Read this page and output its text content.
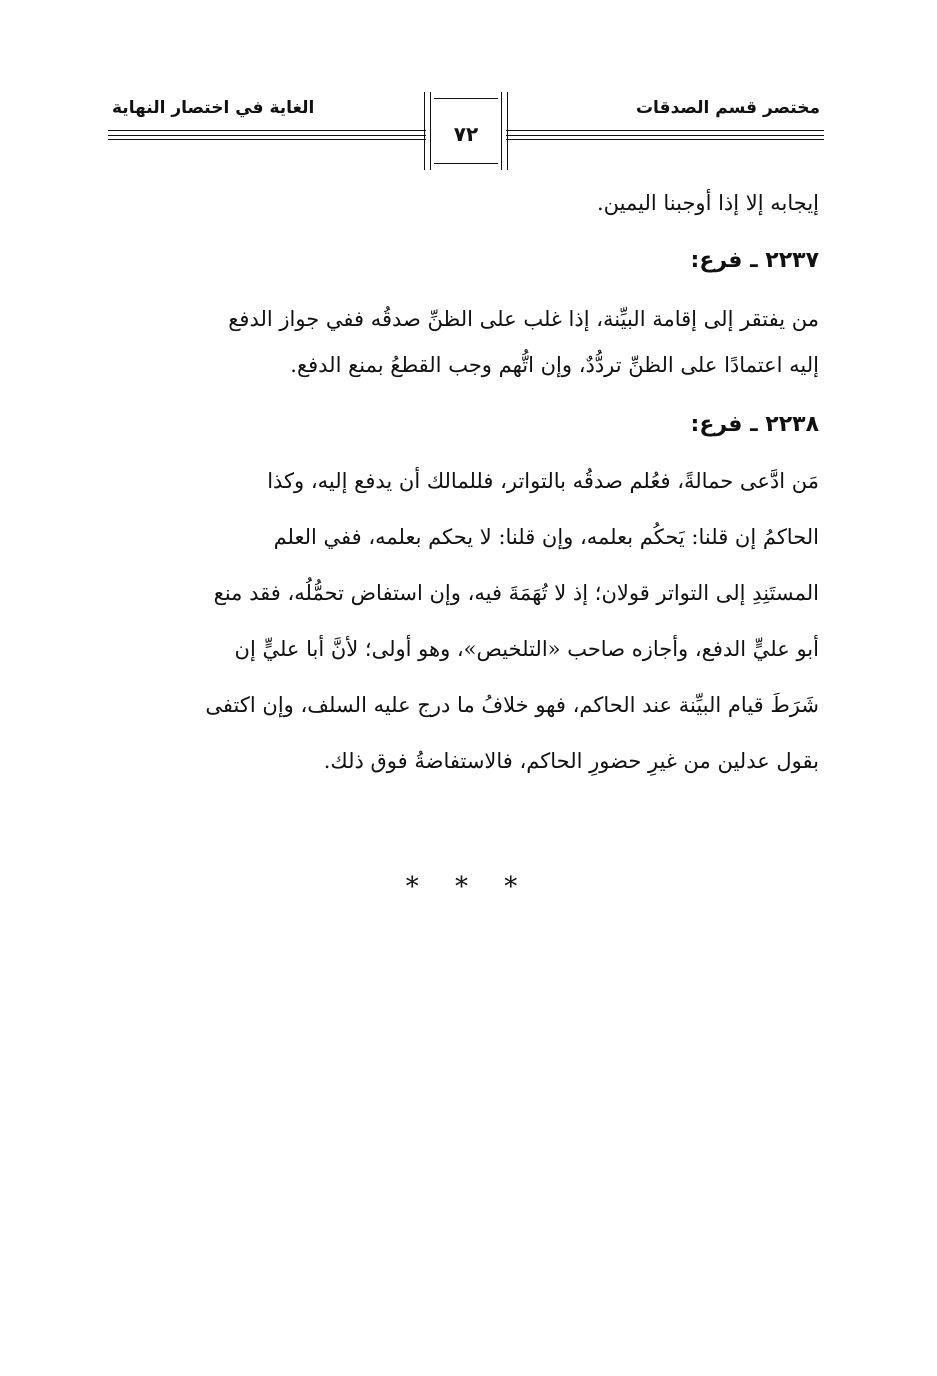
مختصر قسم الصدقات
الغاية في اختصار النهاية
٧٢
إيجابه إلا إذا أوجبنا اليمين.
٢٢٣٧ ـ فرع:
من يفتقر إلى إقامة البيِّنة، إذا غلب على الظنِّ صدقُه ففي جواز الدفع
إليه اعتمادًا على الظنِّ تردُّدٌ، وإن اتُّهم وجب القطعُ بمنع الدفع.
٢٢٣٨ ـ فرع:
مَن ادَّعى حمالةً، فعُلم صدقُه بالتواتر، فللمالك أن يدفع إليه، وكذا
الحاكمُ إن قلنا: يَحكُم بعلمه، وإن قلنا: لا يحكم بعلمه، ففي العلم
المستَنِدِ إلى التواتر قولان؛ إذ لا تُهَمَةَ فيه، وإن استفاض تحمُّلُه، فقد منع
أبو عليٍّ الدفع، وأجازه صاحب «التلخيص»، وهو أولى؛ لأنَّ أبا عليٍّ إن
شَرَطَ قيام البيِّنة عند الحاكم، فهو خلافُ ما درج عليه السلف، وإن اكتفى
بقول عدلين من غيرِ حضورِ الحاكم، فالاستفاضةُ فوق ذلك.
* * *
